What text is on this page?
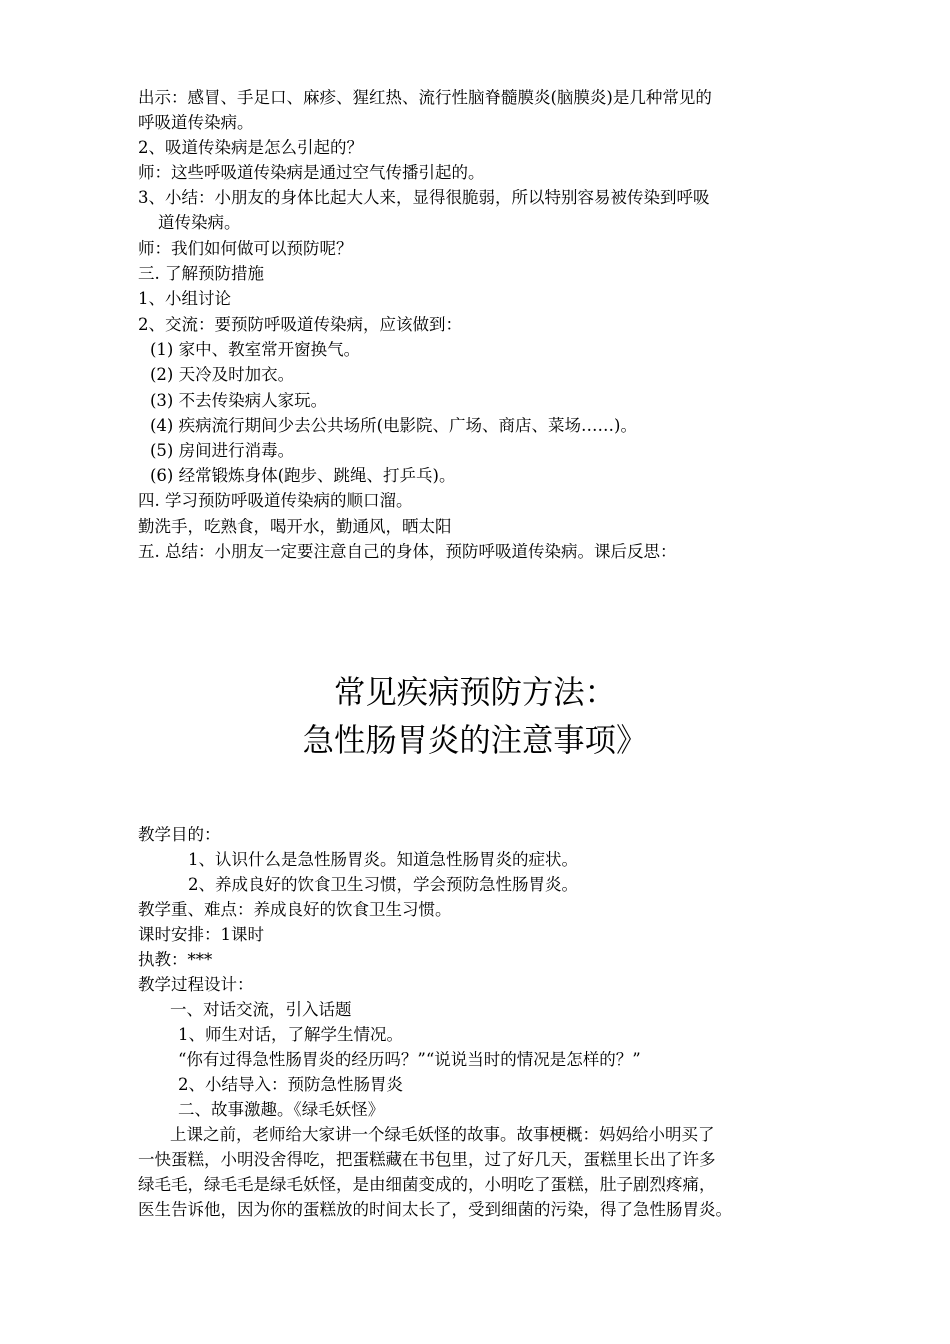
出示：感冒、手足口、麻疹、猩红热、流行性脑脊髓膜炎(脑膜炎)是几种常见的
呼吸道传染病。
2、吸道传染病是怎么引起的？
师：这些呼吸道传染病是通过空气传播引起的。
3、小结：小朋友的身体比起大人来，显得很脆弱，所以特别容易被传染到呼吸
道传染病。
师：我们如何做可以预防呢？
三. 了解预防措施
1、小组讨论
2、交流：要预防呼吸道传染病，应该做到：
(1) 家中、教室常开窗换气。
(2) 天冷及时加衣。
(3) 不去传染病人家玩。
(4) 疾病流行期间少去公共场所(电影院、广场、商店、菜场……)。
(5) 房间进行消毒。
(6) 经常锻炼身体(跑步、跳绳、打乒乓)。
四. 学习预防呼吸道传染病的顺口溜。
勤洗手，吃熟食，喝开水，勤通风，晒太阳
五. 总结：小朋友一定要注意自己的身体，预防呼吸道传染病。课后反思：
常见疾病预防方法：
急性肠胃炎的注意事项》
教学目的：
1、认识什么是急性肠胃炎。知道急性肠胃炎的症状。
2、养成良好的饮食卫生习惯，学会预防急性肠胃炎。
教学重、难点：养成良好的饮食卫生习惯。
课时安排：1课时
执教：***
教学过程设计：
一、对话交流，引入话题
1、师生对话，了解学生情况。
“你有过得急性肠胃炎的经历吗？”“说说当时的情况是怎样的？”
2、小结导入：预防急性肠胃炎
二、故事激趣。《绿毛妖怪》
上课之前，老师给大家讲一个绿毛妖怪的故事。故事梗概：妈妈给小明买了
一快蛋糕，小明没舍得吃，把蛋糕藏在书包里，过了好几天，蛋糕里长出了许多
绿毛毛，绿毛毛是绿毛妖怪，是由细菌变成的，小明吃了蛋糕，肚子剧烈疼痛，
医生告诉他，因为你的蛋糕放的时间太长了，受到细菌的污染，得了急性肠胃炎。
